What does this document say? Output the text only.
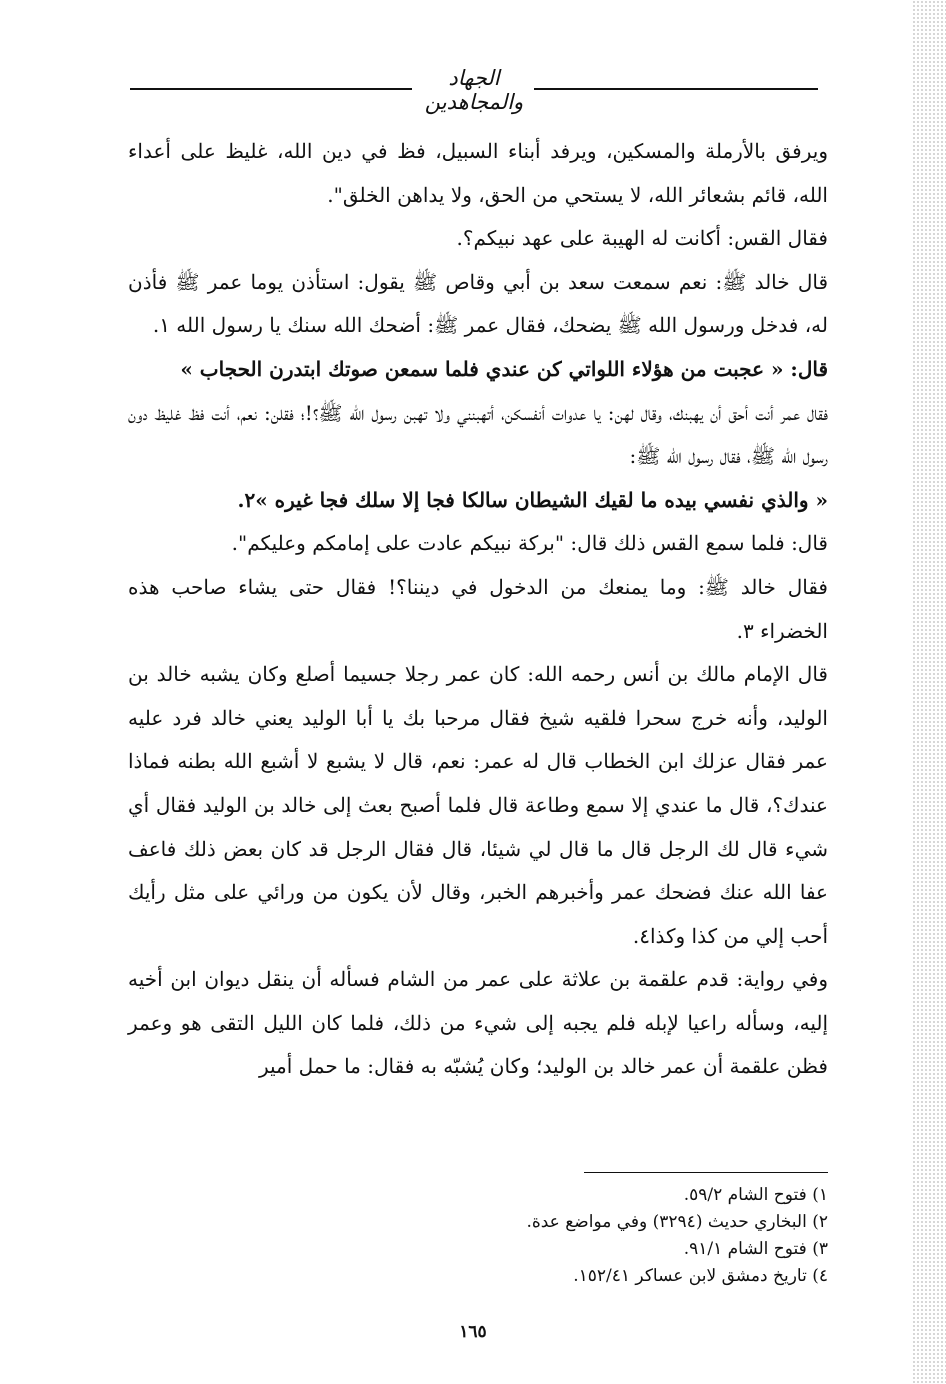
الجهاد والمجاهدين

ويرفق بالأرملة والمسكين، ويرفد أبناء السبيل، فظ في دين الله، غليظ على أعداء الله، قائم بشعائر الله، لا يستحي من الحق، ولا يداهن الخلق".

فقال القس: أكانت له الهيبة على عهد نبيكم؟.

قال خالد ﷺ: نعم سمعت سعد بن أبي وقاص ﷺ يقول: استأذن يوما عمر ﷺ فأذن له، فدخل ورسول الله ﷺ يضحك، فقال عمر ﷺ: أضحك الله سنك يا رسول الله ١.

قال: « عجبت من هؤلاء اللواتي كن عندي فلما سمعن صوتك ابتدرن الحجاب »

فقال عمر أنت أحق أن يهبنك، وقال لهن: يا عدوات أنفسكن، أتهبنني ولا تهبن رسول الله ﷺ؟!؛ فقلن: نعم، أنت فظ غليظ دون رسول الله ﷺ، فقال رسول الله ﷺ:

« والذي نفسي بيده ما لقيك الشيطان سالكا فجا إلا سلك فجا غيره »٢.

قال: فلما سمع القس ذلك قال: "بركة نبيكم عادت على إمامكم وعليكم".

فقال خالد ﷺ: وما يمنعك من الدخول في ديننا؟! فقال حتى يشاء صاحب هذه الخضراء ٣.

قال الإمام مالك بن أنس رحمه الله: كان عمر رجلا جسيما أصلع وكان يشبه خالد بن الوليد، وأنه خرج سحرا فلقيه شيخ فقال مرحبا بك يا أبا الوليد يعني خالد فرد عليه عمر فقال عزلك ابن الخطاب قال له عمر: نعم، قال لا يشبع لا أشبع الله بطنه فماذا عندك؟، قال ما عندي إلا سمع وطاعة قال فلما أصبح بعث إلى خالد بن الوليد فقال أي شيء قال لك الرجل قال ما قال لي شيئا، قال فقال الرجل قد كان بعض ذلك فاعف عفا الله عنك فضحك عمر وأخبرهم الخبر، وقال لأن يكون من ورائي على مثل رأيك أحب إلي من كذا وكذا٤.

وفي رواية: قدم علقمة بن علاثة على عمر من الشام فسأله أن ينقل ديوان ابن أخيه إليه، وسأله راعيا لإبله فلم يجبه إلى شيء من ذلك، فلما كان الليل التقى هو وعمر فظن علقمة أن عمر خالد بن الوليد؛ وكان يُشبّه به فقال: ما حمل أمير

١) فتوح الشام ٥٩/٢.

٢) البخاري حديث (٣٢٩٤) وفي مواضع عدة.

٣) فتوح الشام ٩١/١.

٤) تاريخ دمشق لابن عساكر ١٥٢/٤١.

١٦٥
